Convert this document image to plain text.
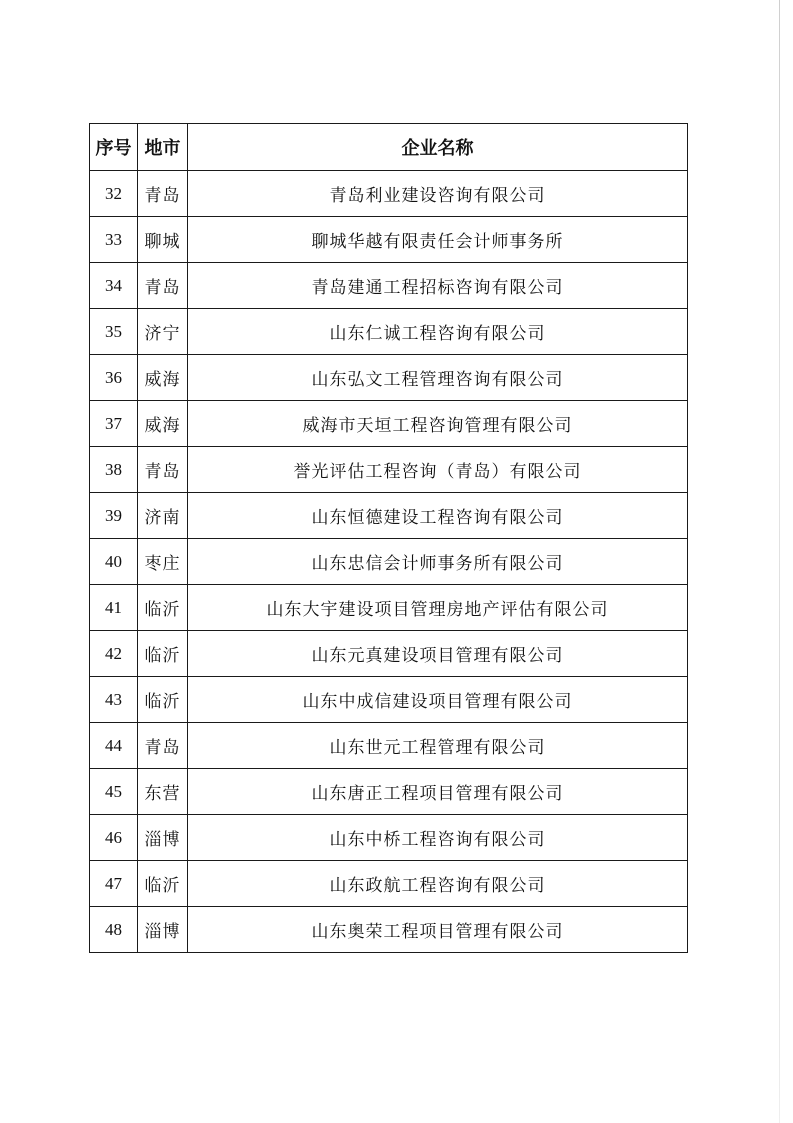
序号	地市	企业名称
32	青岛	青岛利业建设咨询有限公司
33	聊城	聊城华越有限责任会计师事务所
34	青岛	青岛建通工程招标咨询有限公司
35	济宁	山东仁诚工程咨询有限公司
36	威海	山东弘文工程管理咨询有限公司
37	威海	威海市天垣工程咨询管理有限公司
38	青岛	誉光评估工程咨询（青岛）有限公司
39	济南	山东恒德建设工程咨询有限公司
40	枣庄	山东忠信会计师事务所有限公司
41	临沂	山东大宇建设项目管理房地产评估有限公司
42	临沂	山东元真建设项目管理有限公司
43	临沂	山东中成信建设项目管理有限公司
44	青岛	山东世元工程管理有限公司
45	东营	山东唐正工程项目管理有限公司
46	淄博	山东中桥工程咨询有限公司
47	临沂	山东政航工程咨询有限公司
48	淄博	山东奥荣工程项目管理有限公司
